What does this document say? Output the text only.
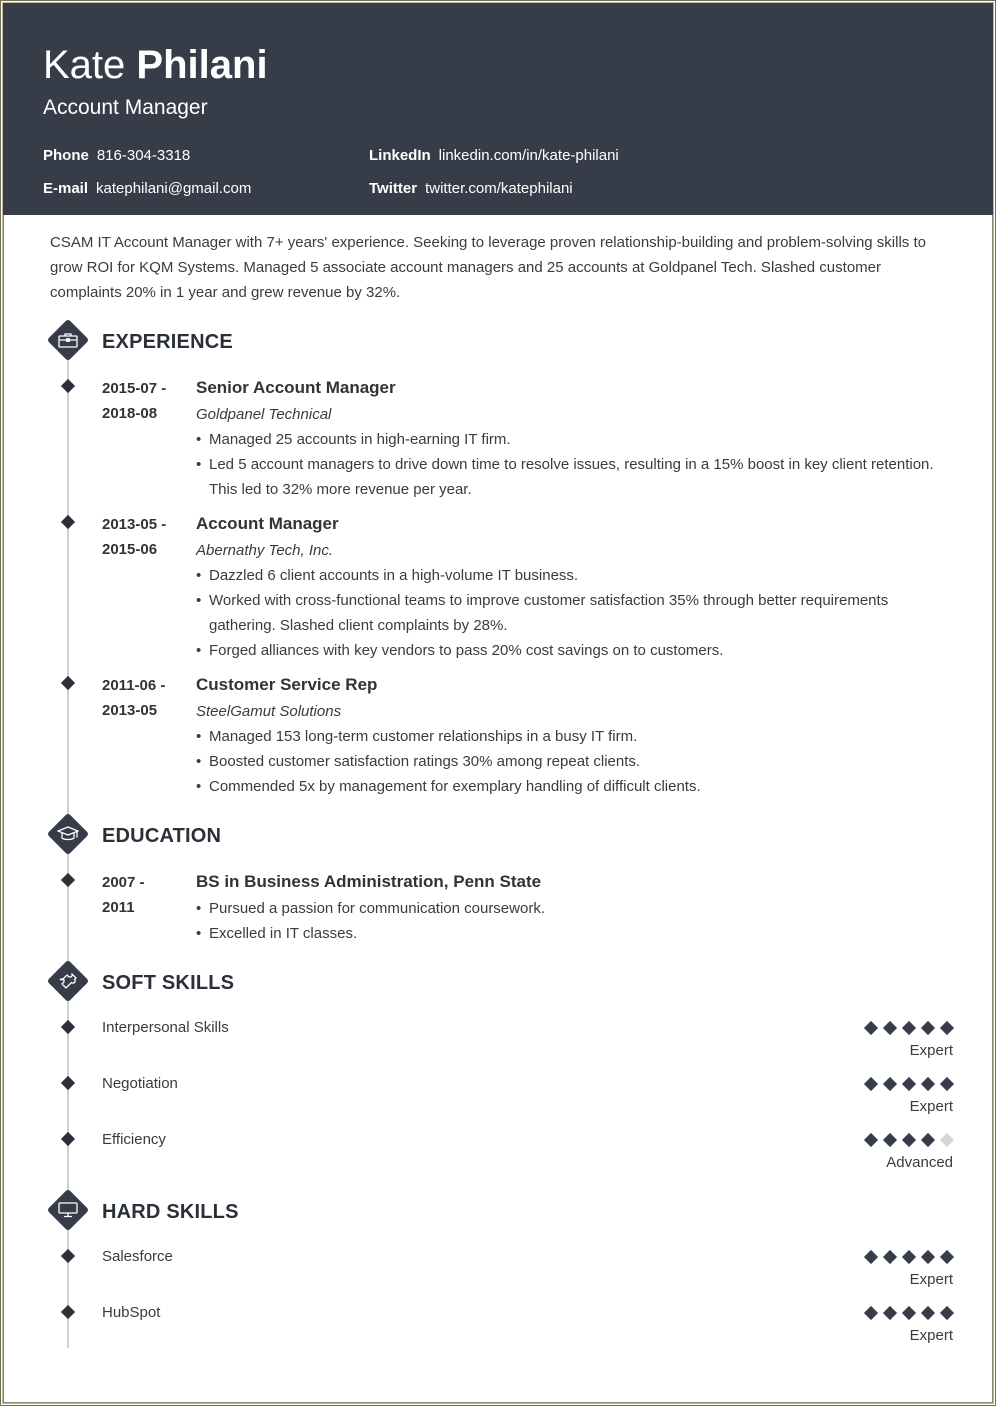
Kate Philani
Account Manager
Phone 816-304-3318
E-mail katephilani@gmail.com
LinkedIn linkedin.com/in/kate-philani
Twitter twitter.com/katephilani
CSAM IT Account Manager with 7+ years' experience. Seeking to leverage proven relationship-building and problem-solving skills to grow ROI for KQM Systems. Managed 5 associate account managers and 25 accounts at Goldpanel Tech. Slashed customer complaints 20% in 1 year and grew revenue by 32%.
EXPERIENCE
2015-07 -
2018-08
Senior Account Manager
Goldpanel Technical
• Managed 25 accounts in high-earning IT firm.
• Led 5 account managers to drive down time to resolve issues, resulting in a 15% boost in key client retention. This led to 32% more revenue per year.
2013-05 -
2015-06
Account Manager
Abernathy Tech, Inc.
• Dazzled 6 client accounts in a high-volume IT business.
• Worked with cross-functional teams to improve customer satisfaction 35% through better requirements gathering. Slashed client complaints by 28%.
• Forged alliances with key vendors to pass 20% cost savings on to customers.
2011-06 -
2013-05
Customer Service Rep
SteelGamut Solutions
• Managed 153 long-term customer relationships in a busy IT firm.
• Boosted customer satisfaction ratings 30% among repeat clients.
• Commended 5x by management for exemplary handling of difficult clients.
EDUCATION
2007 -
2011
BS in Business Administration, Penn State
• Pursued a passion for communication coursework.
• Excelled in IT classes.
SOFT SKILLS
Interpersonal Skills
Expert
Negotiation
Expert
Efficiency
Advanced
HARD SKILLS
Salesforce
Expert
HubSpot
Expert
